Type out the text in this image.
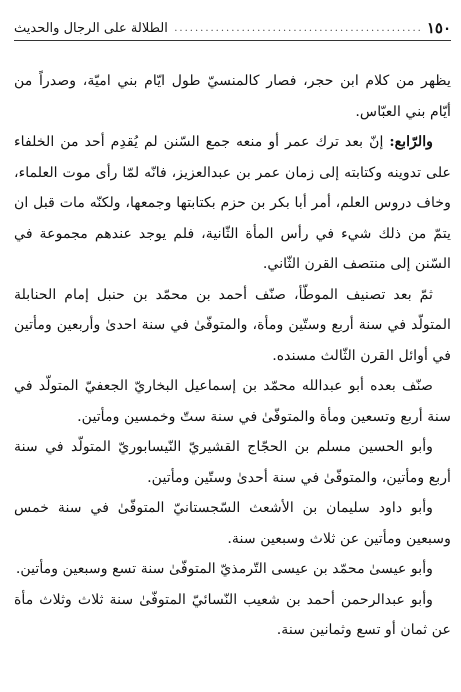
١٥٠
.....
الطلالة على الرجال والحديث

يظهر من كلام ابن حجر، فصار كالمنسيّ طول ايّام بني اميّة، وصدراً من أيّام بني العبّاس.

والرّابع: إنّ بعد ترك عمر أو منعه جمع السّنن لم يُقدِم أحد من الخلفاء على تدوينه وكتابته إلى زمان عمر بن عبدالعزيز، فانّه لمّا رأى موت العلماء، وخاف دروس العلم، أمر أبا بكر بن حزم بكتابتها وجمعها، ولكنّه مات قبل ان يتمّ من ذلك شيء في رأس المأة الثّانية، فلم يوجد عندهم مجموعة في السّنن إلى منتصف القرن الثّاني.

ثمّ بعد تصنيف الموطّأ، صنّف أحمد بن محمّد بن حنبل إمام الحنابلة المتولّد في سنة أربع وستّين ومأة، والمتوفّىٰ في سنة احدىٰ وأربعين ومأتين في أوائل القرن الثّالث مسنده.

صنّف بعده أبو عبدالله محمّد بن إسماعيل البخاريّ الجعفيّ المتولّد في سنة أربع وتسعين ومأة والمتوفّىٰ في سنة ستّ وخمسين ومأتين.

وأبو الحسين مسلم بن الحجّاج القشيريّ النّيسابوريّ المتولّد في سنة أربع ومأتين، والمتوفّىٰ في سنة أحدىٰ وستّين ومأتين.

وأبو داود سليمان بن الأشعث السّجستانيّ المتوفّىٰ في سنة خمس وسبعين ومأتين عن ثلاث وسبعين سنة.

وأبو عيسىٰ محمّد بن عيسى التّرمذيّ المتوفّىٰ سنة تسع وسبعين ومأتين.

وأبو عبدالرحمن أحمد بن شعيب النّسائيّ المتوفّىٰ سنة ثلاث وثلاث مأة عن ثمان أو تسع وثمانين سنة.
